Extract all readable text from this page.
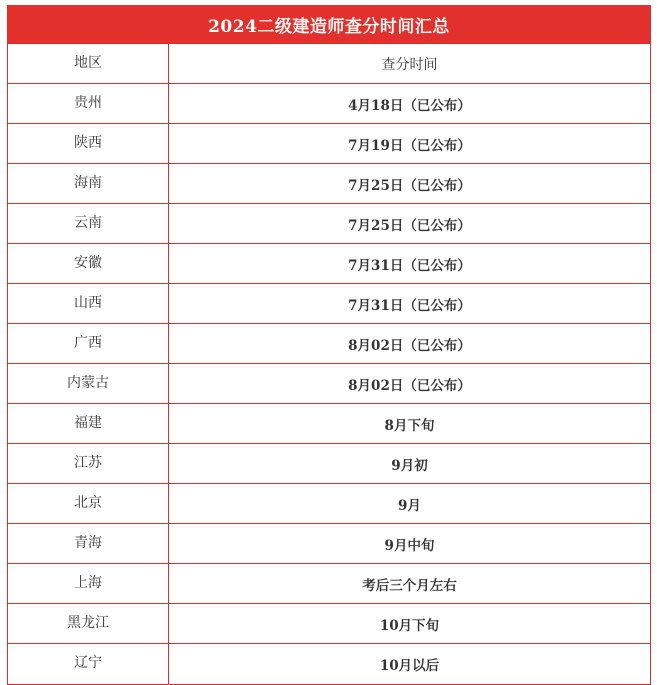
2024二级建造师查分时间汇总
地区	查分时间
贵州	4月18日（已公布）
陕西	7月19日（已公布）
海南	7月25日（已公布）
云南	7月25日（已公布）
安徽	7月31日（已公布）
山西	7月31日（已公布）
广西	8月02日（已公布）
内蒙古	8月02日（已公布）
福建	8月下旬
江苏	9月初
北京	9月
青海	9月中旬
上海	考后三个月左右
黑龙江	10月下旬
辽宁	10月以后
